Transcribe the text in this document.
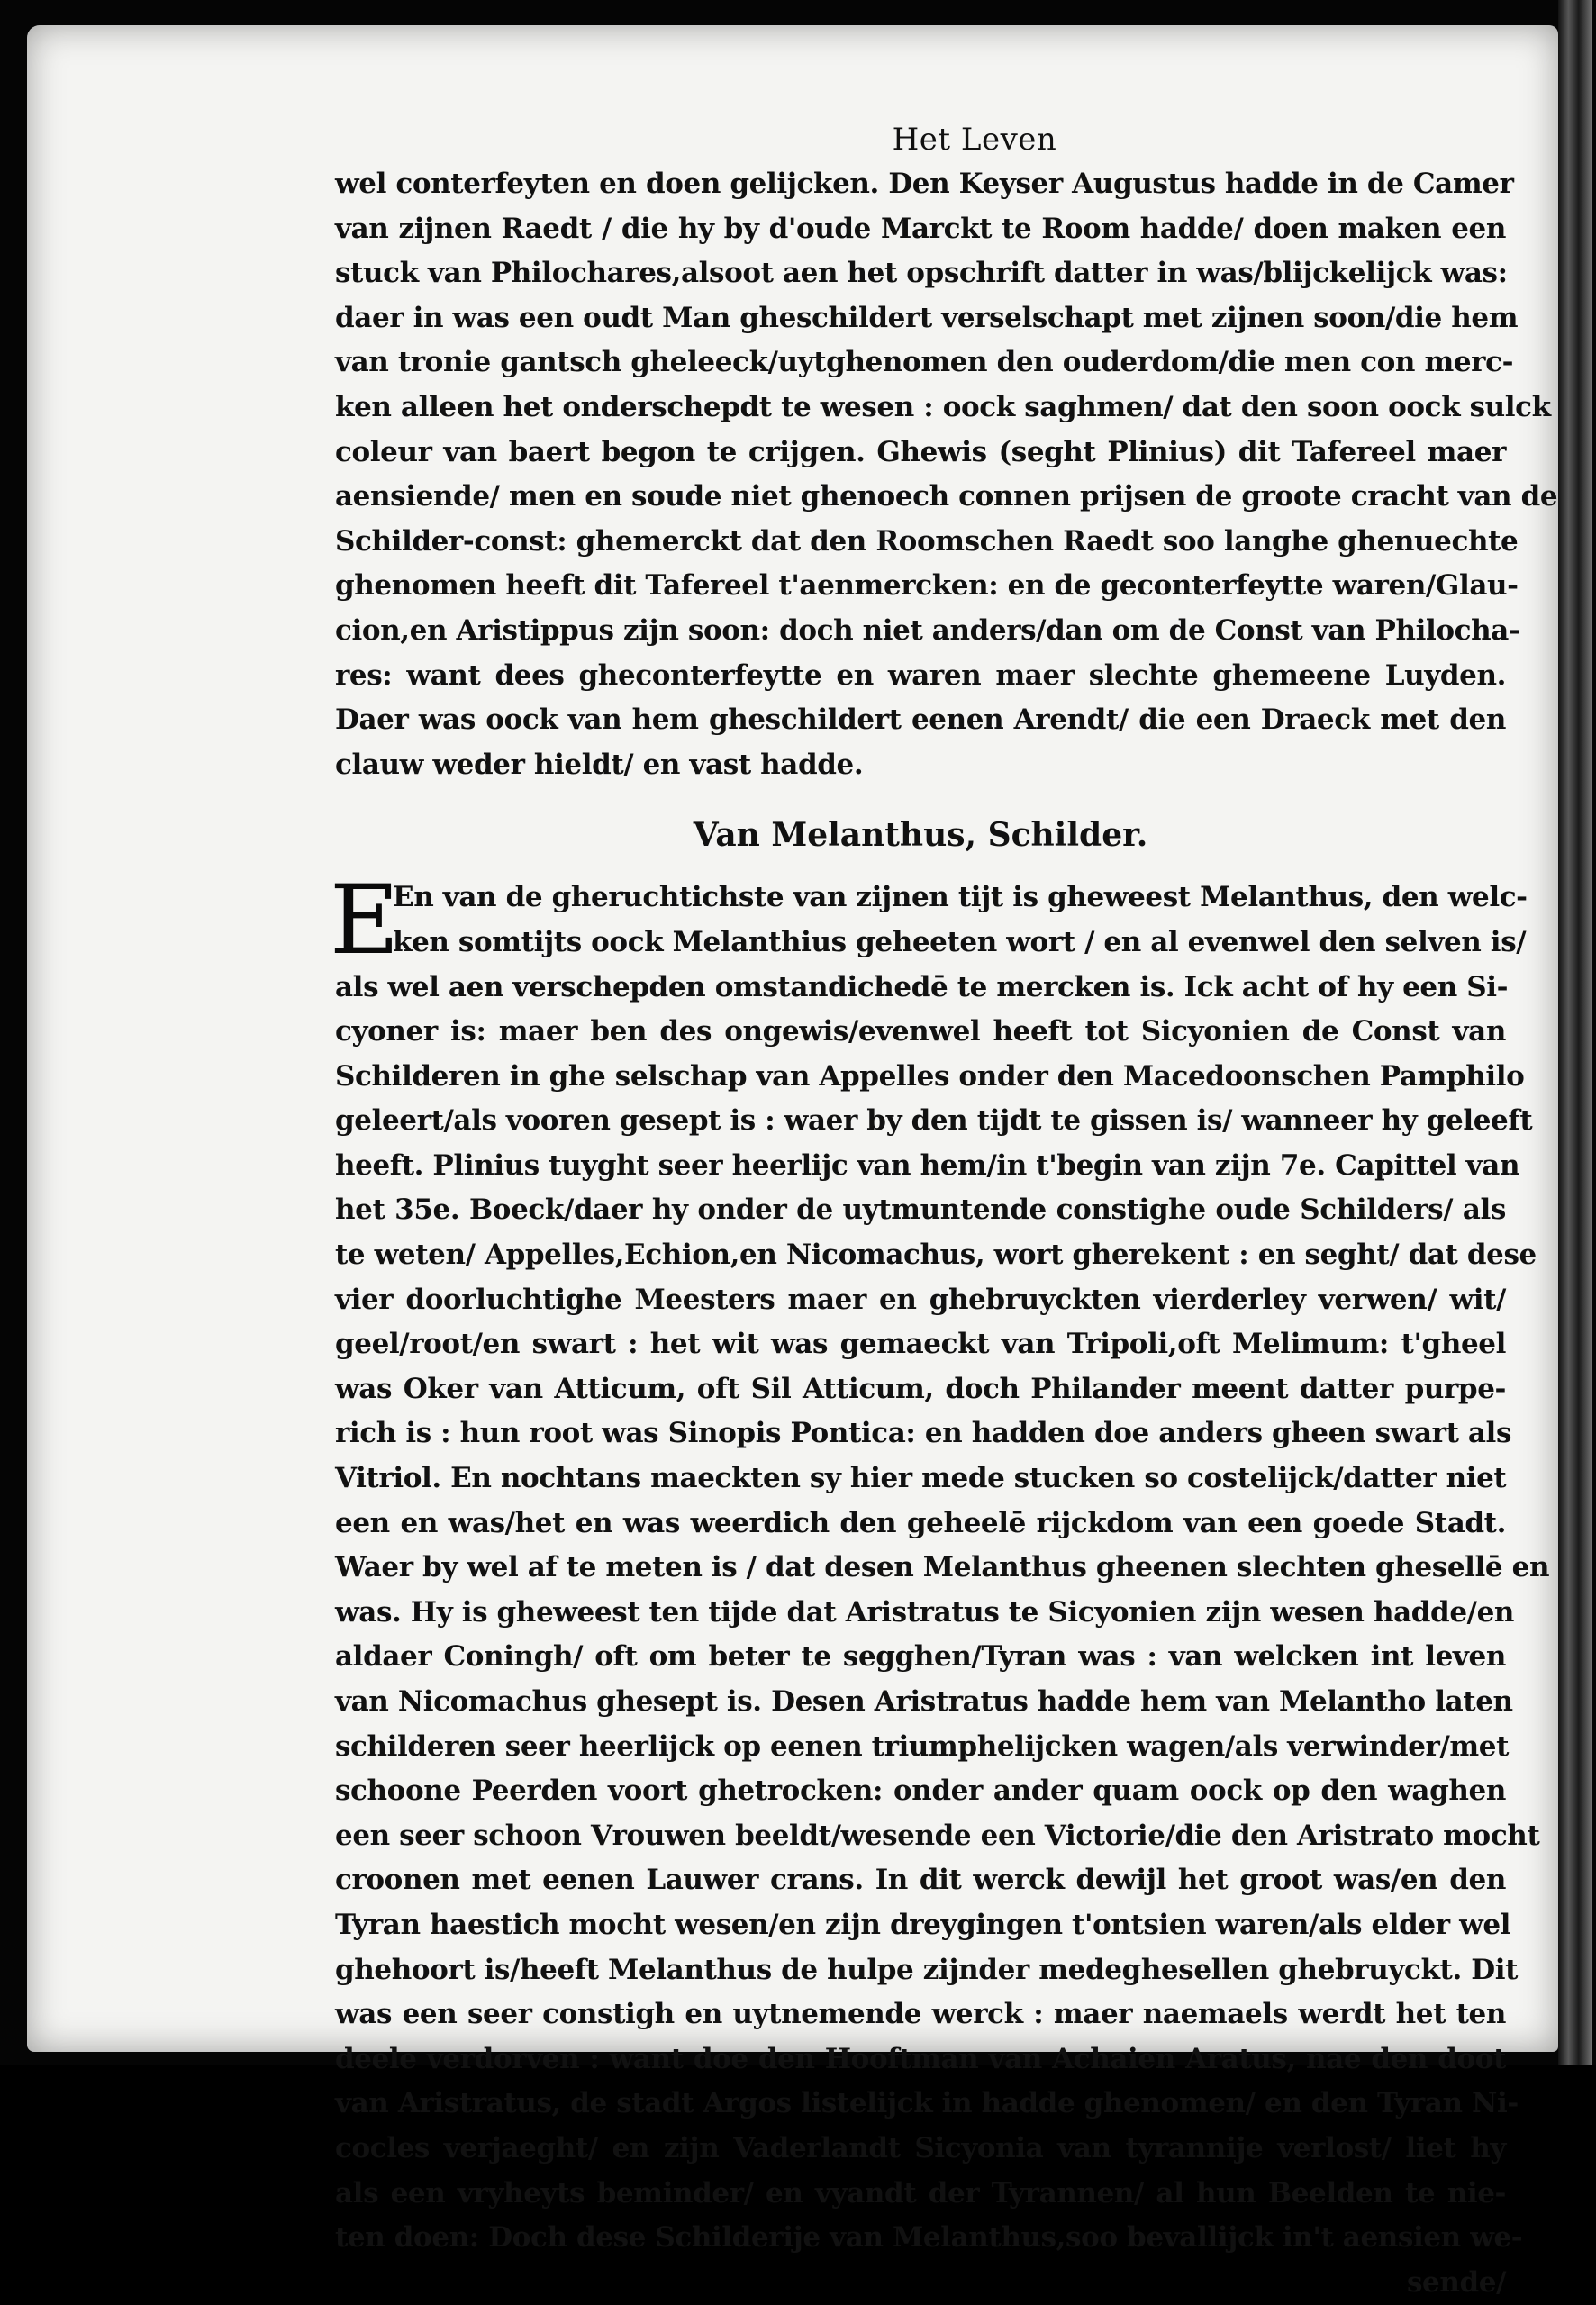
Het Leven
wel conterfeyten en doen gelijcken. Den Keyser Augustus hadde in de Camer
van zijnen Raedt / die hy by d'oude Marckt te Room hadde/ doen maken een
stuck van Philochares,alsoot aen het opschrift datter in was/blijckelijck was:
daer in was een oudt Man gheschildert verselschapt met zijnen soon/die hem
van tronie gantsch gheleeck/uytghenomen den ouderdom/die men con merc-
ken alleen het onderschepdt te wesen : oock saghmen/ dat den soon oock sulck
coleur van baert begon te crijgen. Ghewis (seght Plinius) dit Tafereel maer
aensiende/ men en soude niet ghenoech connen prijsen de groote cracht van de
Schilder-const: ghemerckt dat den Roomschen Raedt soo langhe ghenuechte
ghenomen heeft dit Tafereel t'aenmercken: en de geconterfeytte waren/Glau-
cion,en Aristippus zijn soon: doch niet anders/dan om de Const van Philocha-
res: want dees gheconterfeytte en waren maer slechte ghemeene Luyden.
Daer was oock van hem gheschildert eenen Arendt/ die een Draeck met den
clauw weder hieldt/ en vast hadde.
Van Melanthus, Schilder.
E
En van de gheruchtichste van zijnen tijt is gheweest Melanthus, den welc-
ken somtijts oock Melanthius geheeten wort / en al evenwel den selven is/
als wel aen verschepden omstandichedē te mercken is. Ick acht of hy een Si-
cyoner is: maer ben des ongewis/evenwel heeft tot Sicyonien de Const van
Schilderen in ghe selschap van Appelles onder den Macedoonschen Pamphilo
geleert/als vooren gesept is : waer by den tijdt te gissen is/ wanneer hy geleeft
heeft. Plinius tuyght seer heerlijc van hem/in t'begin van zijn 7e. Capittel van
het 35e. Boeck/daer hy onder de uytmuntende constighe oude Schilders/ als
te weten/ Appelles,Echion,en Nicomachus, wort gherekent : en seght/ dat dese
vier doorluchtighe Meesters maer en ghebruyckten vierderley verwen/ wit/
geel/root/en swart : het wit was gemaeckt van Tripoli,oft Melimum: t'gheel
was Oker van Atticum, oft Sil Atticum, doch Philander meent datter purpe-
rich is : hun root was Sinopis Pontica: en hadden doe anders gheen swart als
Vitriol. En nochtans maeckten sy hier mede stucken so costelijck/datter niet
een en was/het en was weerdich den geheelē rijckdom van een goede Stadt.
Waer by wel af te meten is / dat desen Melanthus gheenen slechten ghesellē en
was. Hy is gheweest ten tijde dat Aristratus te Sicyonien zijn wesen hadde/en
aldaer Coningh/ oft om beter te segghen/Tyran was : van welcken int leven
van Nicomachus ghesept is. Desen Aristratus hadde hem van Melantho laten
schilderen seer heerlijck op eenen triumphelijcken wagen/als verwinder/met
schoone Peerden voort ghetrocken: onder ander quam oock op den waghen
een seer schoon Vrouwen beeldt/wesende een Victorie/die den Aristrato mocht
croonen met eenen Lauwer crans. In dit werck dewijl het groot was/en den
Tyran haestich mocht wesen/en zijn dreygingen t'ontsien waren/als elder wel
ghehoort is/heeft Melanthus de hulpe zijnder medeghesellen ghebruyckt. Dit
was een seer constigh en uytnemende werck : maer naemaels werdt het ten
deele verdorven : want doe den Hooftman van Achaien Aratus, nae den doot
van Aristratus, de stadt Argos listelijck in hadde ghenomen/ en den Tyran Ni-
cocles verjaeght/ en zijn Vaderlandt Sicyonia van tyrannije verlost/ liet hy
als een vryheyts beminder/ en vyandt der Tyrannen/ al hun Beelden te nie-
ten doen: Doch dese Schilderije van Melanthus,soo bevallijck in't aensien we-
sende/
